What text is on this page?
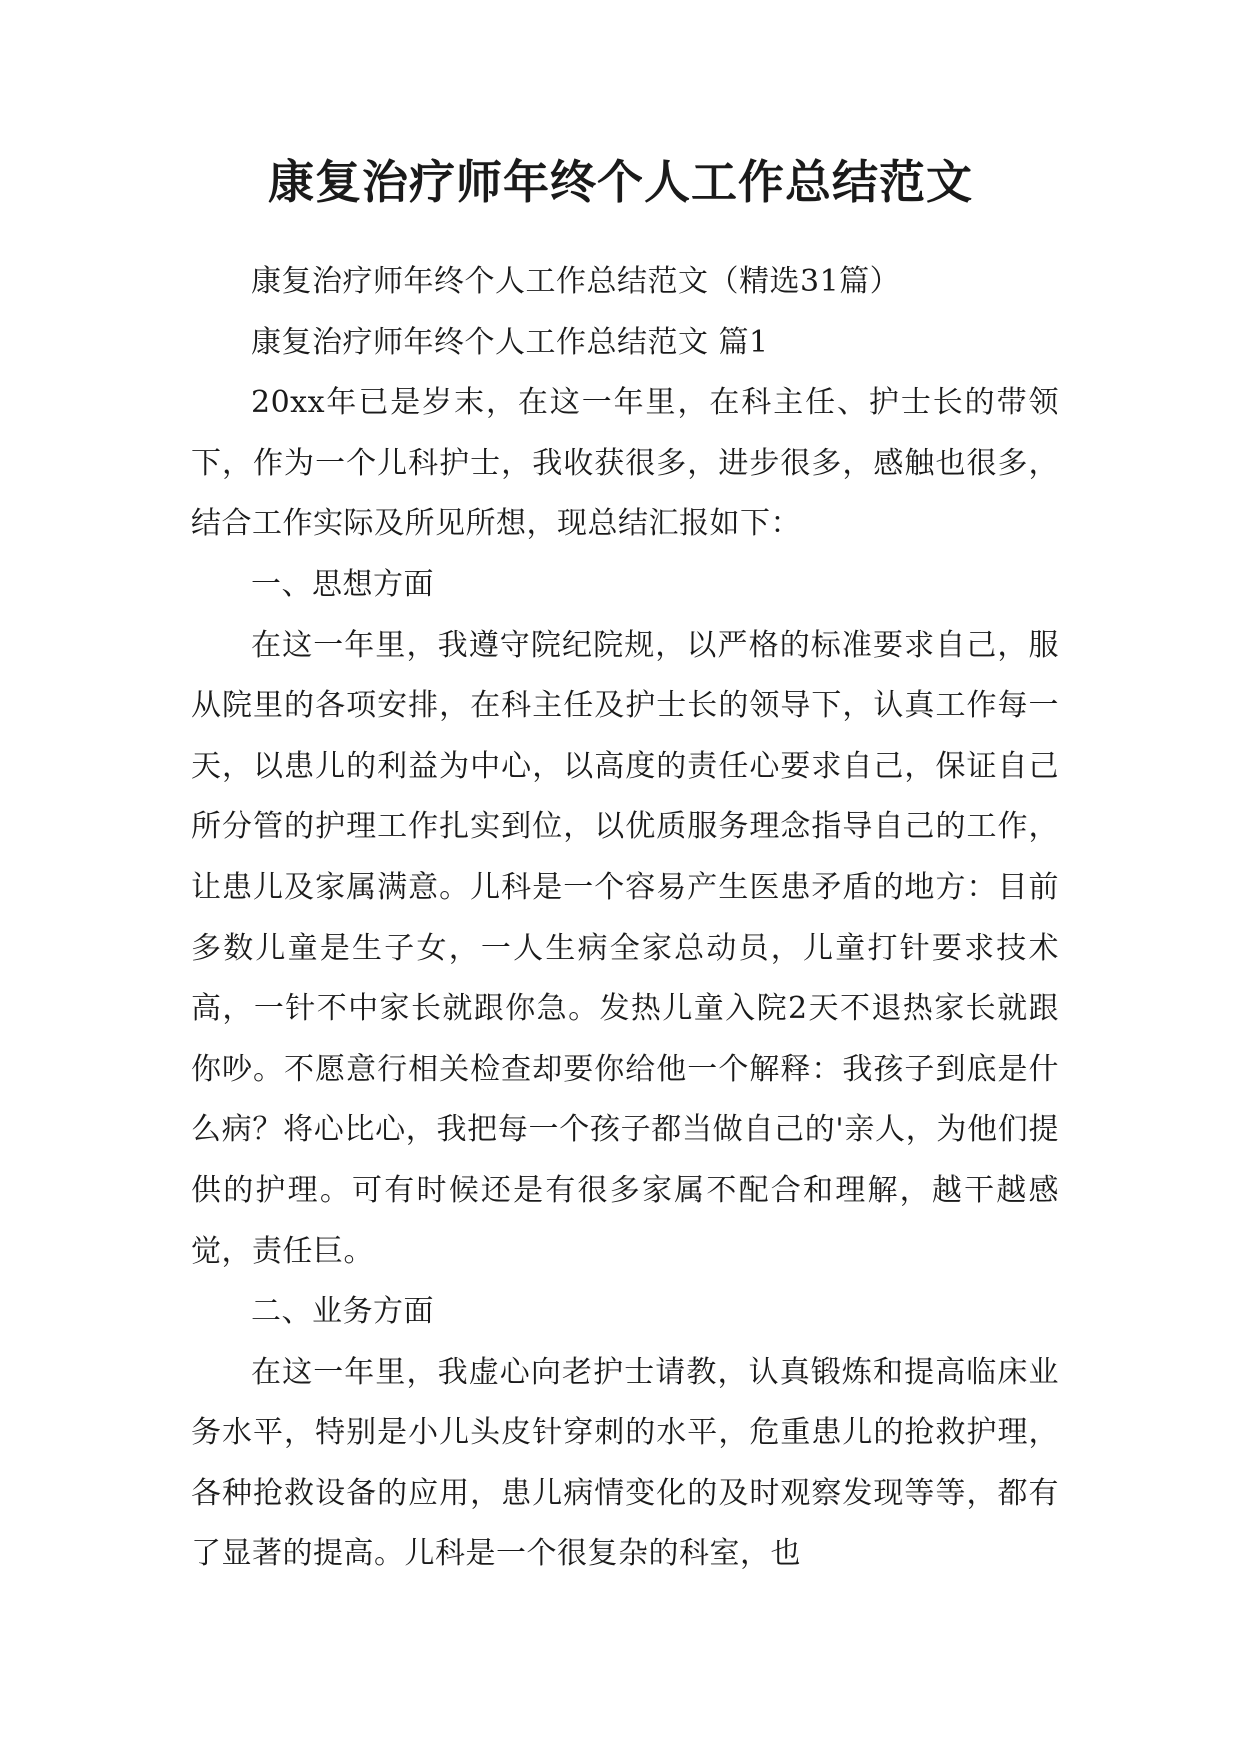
康复治疗师年终个人工作总结范文

康复治疗师年终个人工作总结范文（精选31篇）

康复治疗师年终个人工作总结范文 篇1

20xx年已是岁末，在这一年里，在科主任、护士长的带领下，作为一个儿科护士，我收获很多，进步很多，感触也很多，结合工作实际及所见所想，现总结汇报如下：

一、思想方面

在这一年里，我遵守院纪院规，以严格的标准要求自己，服从院里的各项安排，在科主任及护士长的领导下，认真工作每一天，以患儿的利益为中心，以高度的责任心要求自己，保证自己所分管的护理工作扎实到位，以优质服务理念指导自己的工作，让患儿及家属满意。儿科是一个容易产生医患矛盾的地方：目前多数儿童是生子女，一人生病全家总动员，儿童打针要求技术高，一针不中家长就跟你急。发热儿童入院2天不退热家长就跟你吵。不愿意行相关检查却要你给他一个解释：我孩子到底是什么病？将心比心，我把每一个孩子都当做自己的'亲人，为他们提供的护理。可有时候还是有很多家属不配合和理解，越干越感觉，责任巨。

二、业务方面

在这一年里，我虚心向老护士请教，认真锻炼和提高临床业务水平，特别是小儿头皮针穿刺的水平，危重患儿的抢救护理，各种抢救设备的应用，患儿病情变化的及时观察发现等等，都有了显著的提高。儿科是一个很复杂的科室，也
